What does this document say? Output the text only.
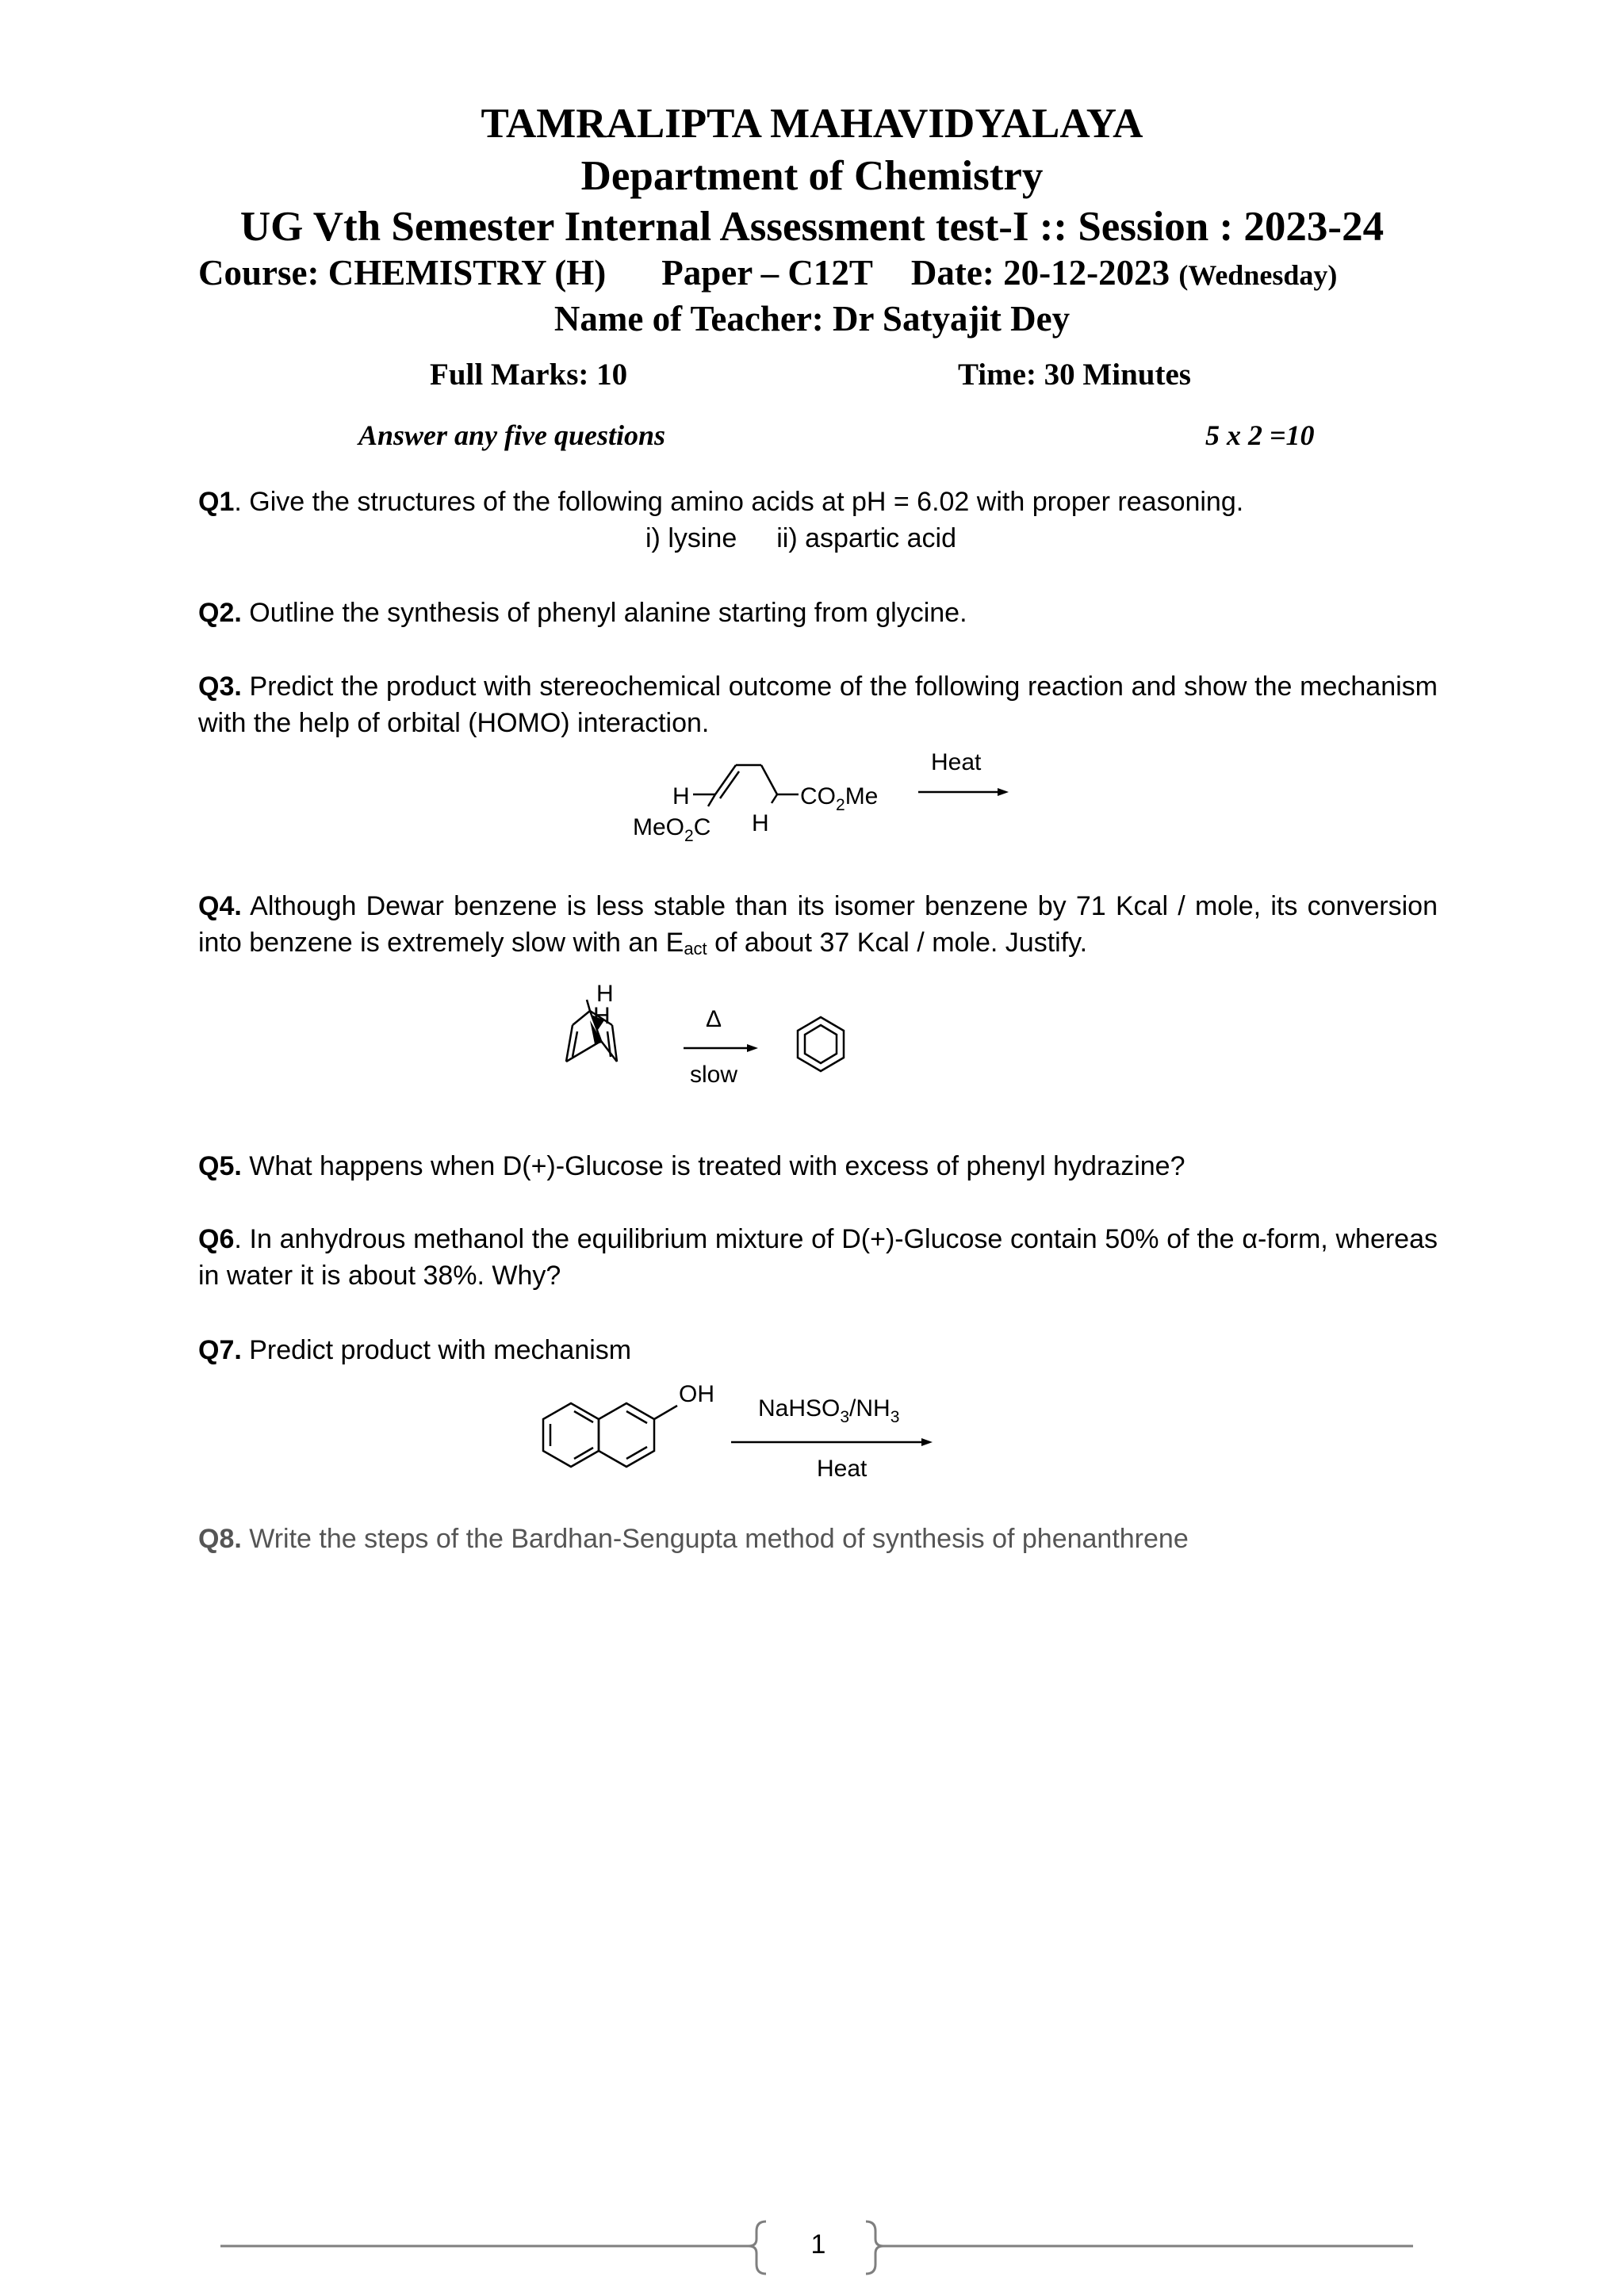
TAMRALIPTA MAHAVIDYALAYA
Department of Chemistry
UG Vth Semester Internal Assessment test-I :: Session : 2023-24
Course: CHEMISTRY (H) Paper – C12T Date: 20-12-2023 (Wednesday)
Name of Teacher: Dr Satyajit Dey
Full Marks: 10	Time: 30 Minutes
Answer any five questions	5 x 2 =10
Q1. Give the structures of the following amino acids at pH = 6.02 with proper reasoning.
i) lysine ii) aspartic acid
Q2. Outline the synthesis of phenyl alanine starting from glycine.
Q3. Predict the product with stereochemical outcome of the following reaction and show the mechanism with the help of orbital (HOMO) interaction.
H
H
$CO_2Me$
MeO$_2$C
Heat
Q4. Although Dewar benzene is less stable than its isomer benzene by 71 Kcal / mole, its conversion into benzene is extremely slow with an $E_{act}$ of about 37 Kcal / mole. Justify.
H
H	Δ
slow
Q5. What happens when D(+)-Glucose is treated with excess of phenyl hydrazine?
Q6. In anhydrous methanol the equilibrium mixture of D(+)-Glucose contain 50% of the α-form, whereas in water it is about 38%. Why?
Q7. Predict product with mechanism
OH
$NaHSO_3/NH_3$
Heat
Q8. Write the steps of the Bardhan-Sengupta method of synthesis of phenanthrene
1
